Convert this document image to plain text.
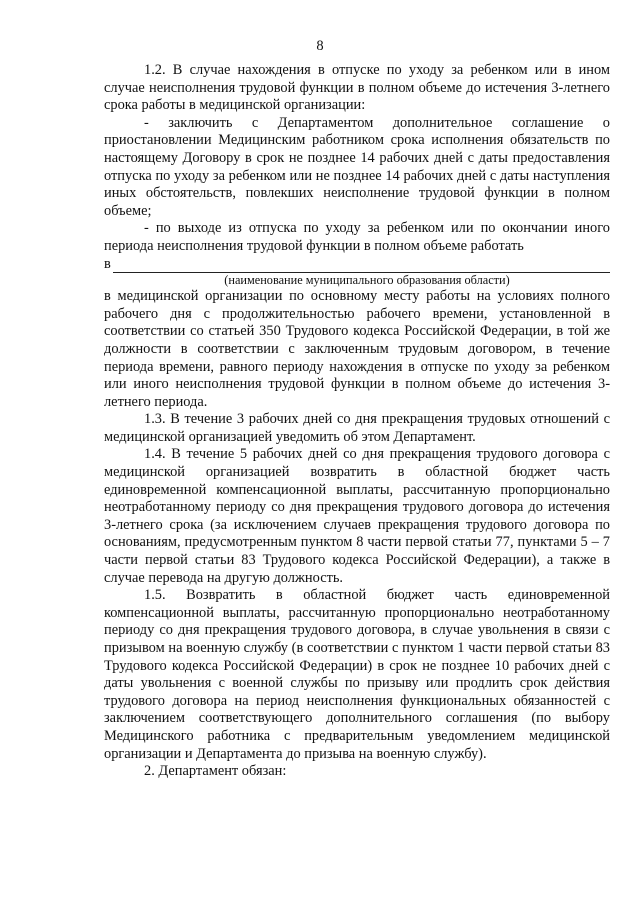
8

1.2. В случае нахождения в отпуске по уходу за ребенком или в ином случае неисполнения трудовой функции в полном объеме до истечения 3-летнего срока работы в медицинской организации:

- заключить с Департаментом дополнительное соглашение о приостановлении Медицинским работником срока исполнения обязательств по настоящему Договору в срок не позднее 14 рабочих дней с даты предоставления отпуска по уходу за ребенком или не позднее 14 рабочих дней с даты наступления иных обстоятельств, повлекших неисполнение трудовой функции в полном объеме;

- по выходе из отпуска по уходу за ребенком или по окончании иного периода неисполнения трудовой функции в полном объеме работать

в
(наименование муниципального образования области)

в медицинской организации по основному месту работы на условиях полного рабочего дня с продолжительностью рабочего времени, установленной в соответствии со статьей 350 Трудового кодекса Российской Федерации, в той же должности в соответствии с заключенным трудовым договором, в течение периода времени, равного периоду нахождения в отпуске по уходу за ребенком или иного неисполнения трудовой функции в полном объеме до истечения 3-летнего периода.

1.3. В течение 3 рабочих дней со дня прекращения трудовых отношений с медицинской организацией уведомить об этом Департамент.

1.4. В течение 5 рабочих дней со дня прекращения трудового договора с медицинской организацией возвратить в областной бюджет часть единовременной компенсационной выплаты, рассчитанную пропорционально неотработанному периоду со дня прекращения трудового договора до истечения 3-летнего срока (за исключением случаев прекращения трудового договора по основаниям, предусмотренным пунктом 8 части первой статьи 77, пунктами 5 – 7 части первой статьи 83 Трудового кодекса Российской Федерации), а также в случае перевода на другую должность.

1.5. Возвратить в областной бюджет часть единовременной компенсационной выплаты, рассчитанную пропорционально неотработанному периоду со дня прекращения трудового договора, в случае увольнения в связи с призывом на военную службу (в соответствии с пунктом 1 части первой статьи 83 Трудового кодекса Российской Федерации) в срок не позднее 10 рабочих дней с даты увольнения с военной службы по призыву или продлить срок действия трудового договора на период неисполнения функциональных обязанностей с заключением соответствующего дополнительного соглашения (по выбору Медицинского работника с предварительным уведомлением медицинской организации и Департамента до призыва на военную службу).

2. Департамент обязан:
